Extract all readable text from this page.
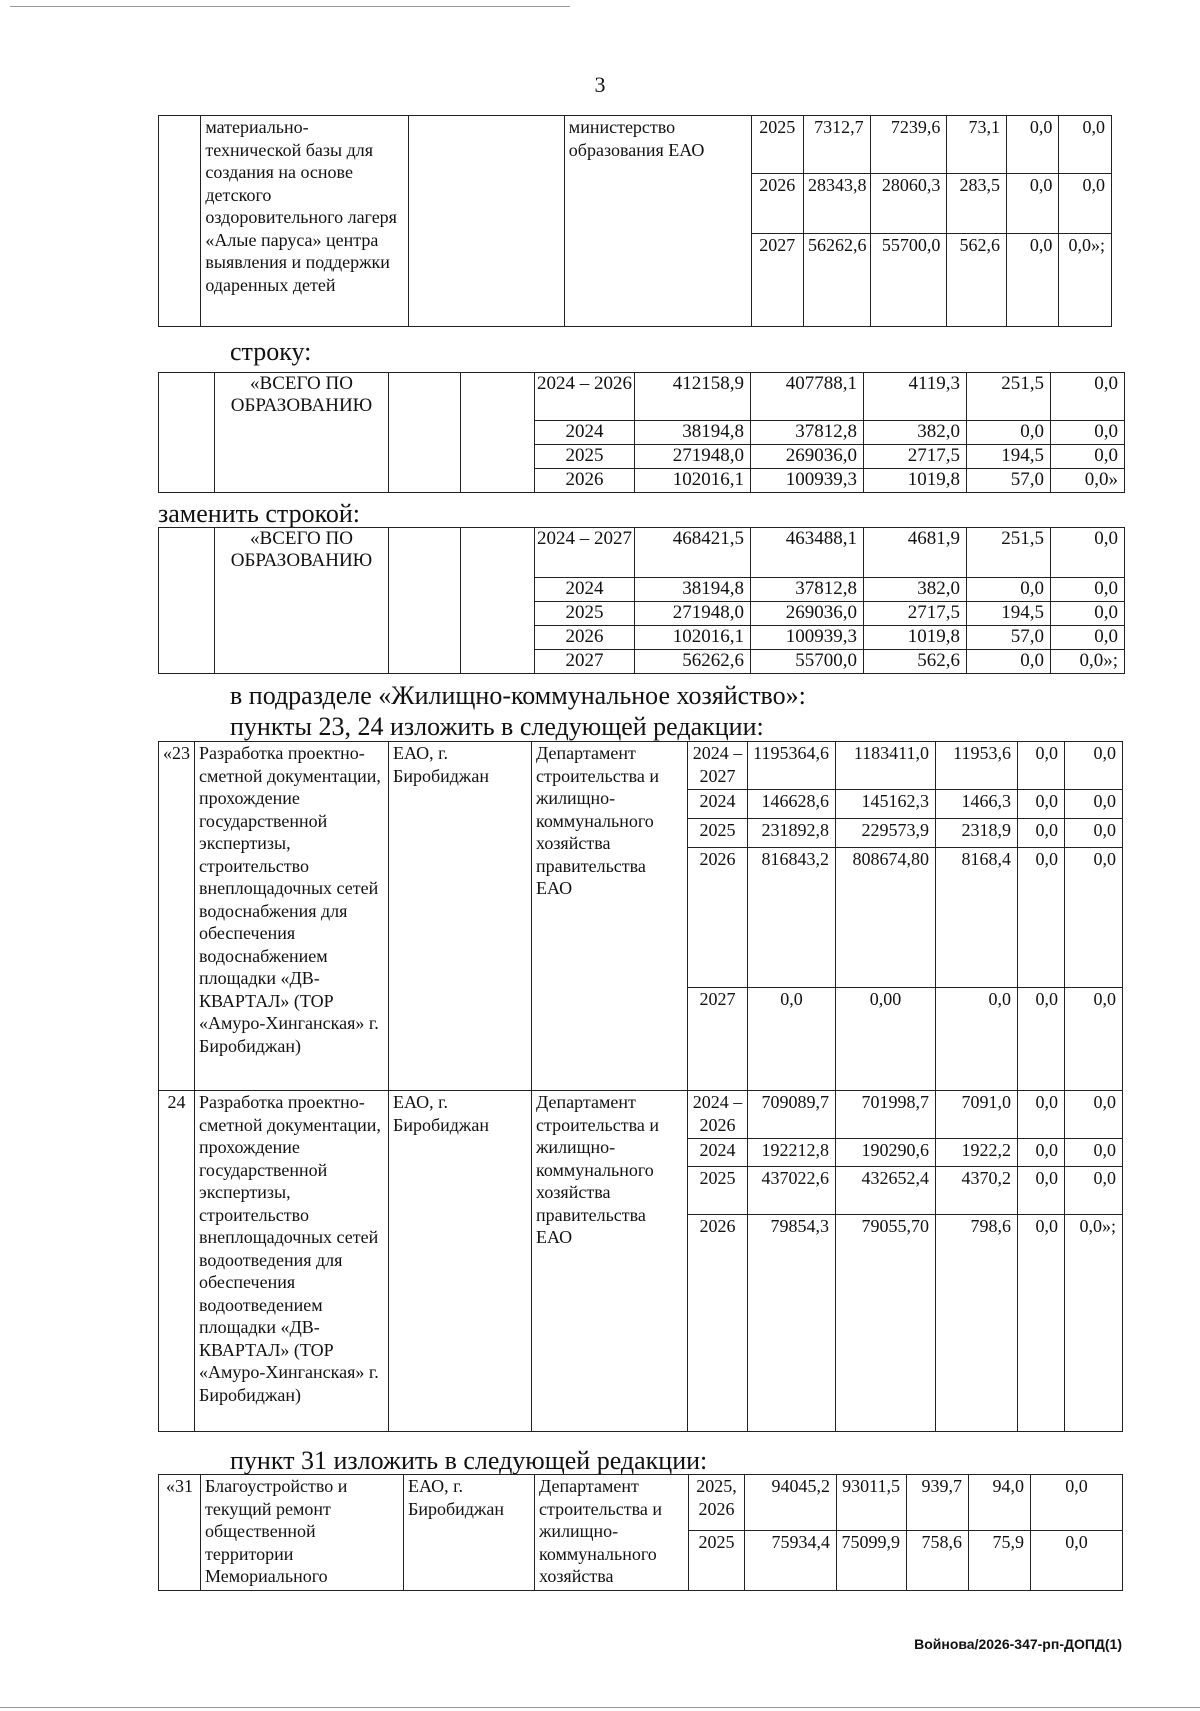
3
	материально-технической базы для создания на основе детского оздоровительного лагеря «Алые паруса» центра выявления и поддержки одаренных детей		министерство образования ЕАО	2025	7312,7	7239,6	73,1	0,0	0,0
				2026	28343,8	28060,3	283,5	0,0	0,0
				2027	56262,6	55700,0	562,6	0,0	0,0»;
строку:
	«ВСЕГО ПО ОБРАЗОВАНИЮ			2024 – 2026	412158,9	407788,1	4119,3	251,5	0,0
				2024	38194,8	37812,8	382,0	0,0	0,0
				2025	271948,0	269036,0	2717,5	194,5	0,0
				2026	102016,1	100939,3	1019,8	57,0	0,0»
заменить строкой:
	«ВСЕГО ПО ОБРАЗОВАНИЮ			2024 – 2027	468421,5	463488,1	4681,9	251,5	0,0
				2024	38194,8	37812,8	382,0	0,0	0,0
				2025	271948,0	269036,0	2717,5	194,5	0,0
				2026	102016,1	100939,3	1019,8	57,0	0,0
				2027	56262,6	55700,0	562,6	0,0	0,0»;
в подразделе «Жилищно-коммунальное хозяйство»:
пункты 23, 24 изложить в следующей редакции:
«23	Разработка проектно-сметной документации, прохождение государственной экспертизы, строительство внеплощадочных сетей водоснабжения для обеспечения водоснабжением площадки «ДВ-КВАРТАЛ» (ТОР «Амуро-Хинганская» г. Биробиджан)	ЕАО, г. Биробиджан	Департамент строительства и жилищно-коммунального хозяйства правительства ЕАО	2024 – 2027	1195364,6	1183411,0	11953,6	0,0	0,0
				2024	146628,6	145162,3	1466,3	0,0	0,0
				2025	231892,8	229573,9	2318,9	0,0	0,0
				2026	816843,2	808674,80	8168,4	0,0	0,0
				2027	0,0	0,00	0,0	0,0	0,0
24	Разработка проектно-сметной документации, прохождение государственной экспертизы, строительство внеплощадочных сетей водоотведения для обеспечения водоотведением площадки «ДВ-КВАРТАЛ» (ТОР «Амуро-Хинганская» г. Биробиджан)	ЕАО, г. Биробиджан	Департамент строительства и жилищно-коммунального хозяйства правительства ЕАО	2024 – 2026	709089,7	701998,7	7091,0	0,0	0,0
				2024	192212,8	190290,6	1922,2	0,0	0,0
				2025	437022,6	432652,4	4370,2	0,0	0,0
				2026	79854,3	79055,70	798,6	0,0	0,0»;
пункт 31 изложить в следующей редакции:
«31	Благоустройство и текущий ремонт общественной территории Мемориального	ЕАО, г. Биробиджан	Департамент строительства и жилищно-коммунального хозяйства	2025, 2026	94045,2	93011,5	939,7	94,0	0,0
				2025	75934,4	75099,9	758,6	75,9	0,0
Войнова/2026-347-рп-ДОПД(1)
